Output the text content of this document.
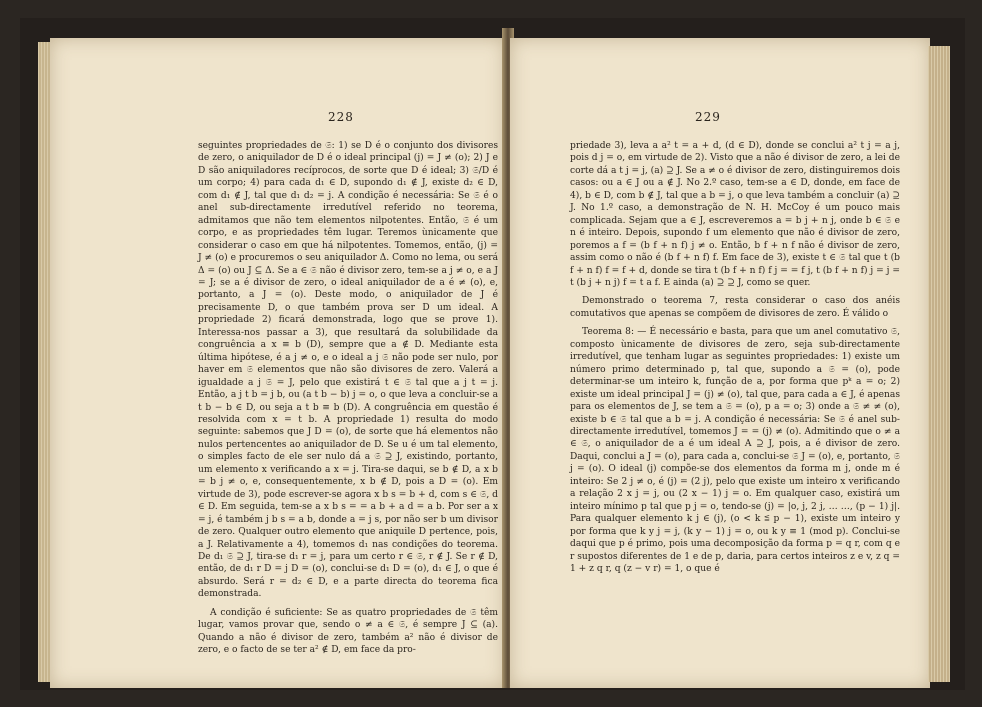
228

seguintes propriedades de 𝔖: 1) se D é o conjunto dos divisores de zero, o aniquilador de D é o ideal principal (j) = J ≠ (o); 2) J e D são aniquiladores recíprocos, de sorte que D é ideal; 3) 𝔖/D é um corpo; 4) para cada d₁ ∈ D, supondo d₁ ∉ J, existe d₂ ∈ D, com d₁ ∉ J, tal que d₁ d₂ = j. A condição é necessária: Se 𝔖 é o anel sub-directamente irredutível referido no teorema, admitamos que não tem elementos nilpotentes. Então, 𝔖 é um corpo, e as propriedades têm lugar. Teremos ùnicamente que considerar o caso em que há nilpotentes. Tomemos, então, (j) = J ≠ (o) e procuremos o seu aniquilador Δ. Como no lema, ou será Δ = (o) ou J ⊆ Δ. Se a ∈ 𝔖 não é divisor zero, tem-se a j ≠ o, e a J = J; se a é divisor de zero, o ideal aniquilador de a é ≠ (o), e, portanto, a J = (o). Deste modo, o aniquilador de J é precisamente D, o que também prova ser D um ideal. A propriedade 2) ficará demonstrada, logo que se prove 1). Interessa-nos passar a 3), que resultará da solubilidade da congruência a x ≡ b (D), sempre que a ∉ D. Mediante esta última hipótese, é a j ≠ o, e o ideal a j 𝔖 não pode ser nulo, por haver em 𝔖 elementos que não são divisores de zero. Valerá a igualdade a j 𝔖 = J, pelo que existirá t ∈ 𝔖 tal que a j t = j. Então, a j t b = j b, ou (a t b − b) j = o, o que leva a concluir-se a t b − b ∈ D, ou seja a t b ≡ b (D). A congruência em questão é resolvida com x = t b. A propriedade 1) resulta do modo seguinte: sabemos que J D = (o), de sorte que há elementos não nulos pertencentes ao aniquilador de D. Se u é um tal elemento, o simples facto de ele ser nulo dá a 𝔖 ⊇ J, existindo, portanto, um elemento x verificando a x = j. Tira-se daqui, se b ∉ D, a x b = b j ≠ o, e, consequentemente, x b ∉ D, pois a D = (o). Em virtude de 3), pode escrever-se agora x b s = b + d, com s ∈ 𝔖, d ∈ D. Em seguida, tem-se a x b s = = a b + a d = a b. Por ser a x = j, é também j b s = a b, donde a = j s, por não ser b um divisor de zero. Qualquer outro elemento que aniquile D pertence, pois, a J. Relativamente a 4), tomemos d₁ nas condições do teorema. De d₁ 𝔖 ⊇ J, tira-se d₁ r = j, para um certo r ∈ 𝔖, r ∉ J. Se r ∉ D, então, de d₁ r D = j D = (o), conclui-se d₁ D = (o), d₁ ∈ J, o que é absurdo. Será r = d₂ ∈ D, e a parte directa do teorema fica demonstrada.

A condição é suficiente: Se as quatro propriedades de 𝔖 têm lugar, vamos provar que, sendo o ≠ a ∈ 𝔖, é sempre J ⊆ (a). Quando a não é divisor de zero, também a² não é divisor de zero, e o facto de se ter a² ∉ D, em face da pro-

229

priedade 3), leva a a² t = a + d, (d ∈ D), donde se conclui a² t j = a j, pois d j = o, em virtude de 2). Visto que a não é divisor de zero, a lei de corte dá a t j = j, (a) ⊇ J. Se a ≠ o é divisor de zero, distinguiremos dois casos: ou a ∈ J ou a ∉ J. No 2.º caso, tem-se a ∈ D, donde, em face de 4), b ∈ D, com b ∉ J, tal que a b = j, o que leva também a concluir (a) ⊇ J. No 1.º caso, a demonstração de N. H. McCoy é um pouco mais complicada. Sejam que a ∈ J, escreveremos a = b j + n j, onde b ∈ 𝔖 e n é inteiro. Depois, supondo f um elemento que não é divisor de zero, poremos a f = (b f + n f) j ≠ o. Então, b f + n f não é divisor de zero, assim como o não é (b f + n f) f. Em face de 3), existe t ∈ 𝔖 tal que t (b f + n f) f = f + d, donde se tira t (b f + n f) f j = = f j, t (b f + n f) j = j = t (b j + n j) f = t a f. E ainda (a) ⊇ ⊇ J, como se quer.

Demonstrado o teorema 7, resta considerar o caso dos anéis comutativos que apenas se compõem de divisores de zero. É válido o

Teorema 8: — É necessário e basta, para que um anel comutativo 𝔖, composto ùnicamente de divisores de zero, seja sub-directamente irredutível, que tenham lugar as seguintes propriedades: 1) existe um número primo determinado p, tal que, supondo a 𝔖 = (o), pode determinar-se um inteiro k, função de a, por forma que pᵏ a = o; 2) existe um ideal principal J = (j) ≠ (o), tal que, para cada a ∈ J, é apenas para os elementos de J, se tem a 𝔖 = (o), p a = o; 3) onde a 𝔖 ≠ ≠ (o), existe b ∈ 𝔖 tal que a b = j. A condição é necessária: Se 𝔖 é anel sub-directamente irredutível, tomemos J = = (j) ≠ (o). Admitindo que o ≠ a ∈ 𝔖, o aniquilador de a é um ideal A ⊇ J, pois, a é divisor de zero. Daqui, conclui a J = (o), para cada a, conclui-se 𝔖 J = (o), e, portanto, 𝔖 j = (o). O ideal (j) compõe-se dos elementos da forma m j, onde m é inteiro: Se 2 j ≠ o, é (j) = (2 j), pelo que existe um inteiro x verificando a relação 2 x j = j, ou (2 x − 1) j = o. Em qualquer caso, existirá um inteiro mínimo p tal que p j = o, tendo-se (j) = |o, j, 2 j, … …, (p − 1) j|. Para qualquer elemento k j ∈ (j), (o < k ≦ p − 1), existe um inteiro y por forma que k y j = j, (k y − 1) j = o, ou k y ≡ 1 (mod p). Conclui-se daqui que p é primo, pois uma decomposição da forma p = q r, com q e r supostos diferentes de 1 e de p, daria, para certos inteiros z e v, z q = 1 + z q r, q (z − v r) = 1, o que é
